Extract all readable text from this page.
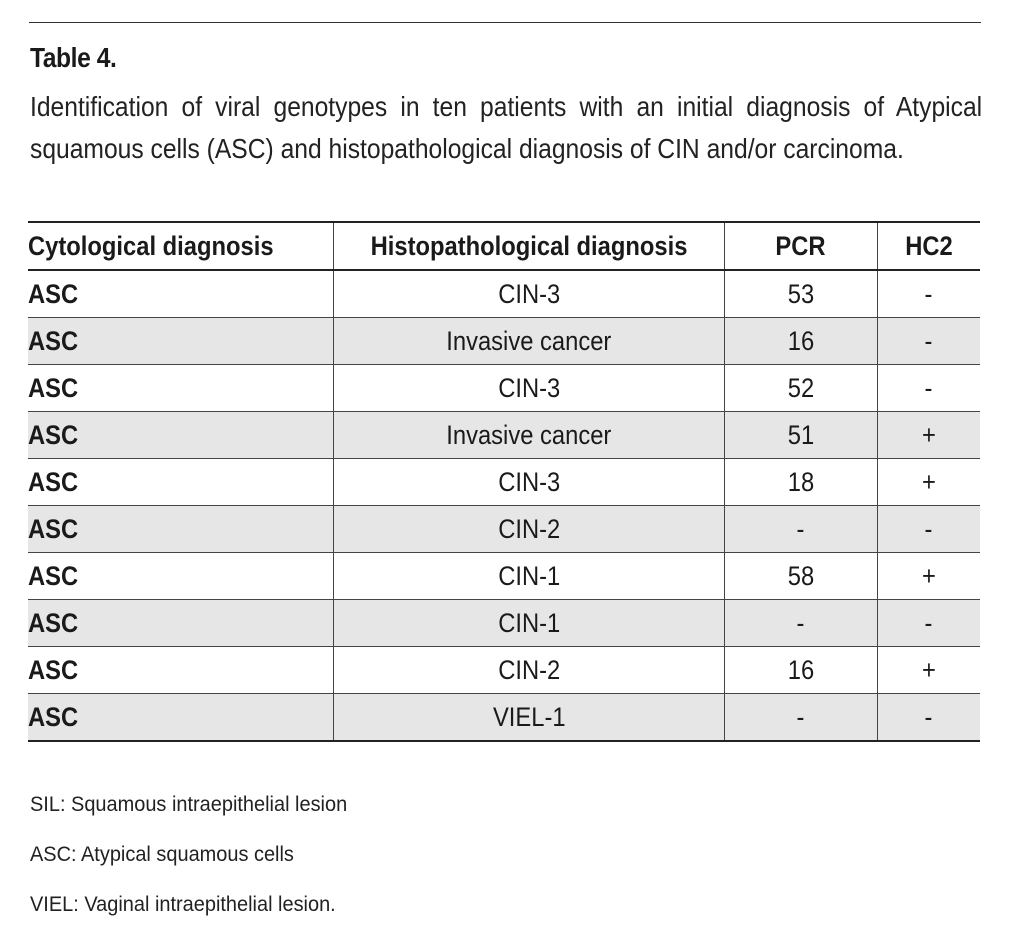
Table 4.

Identification of viral genotypes in ten patients with an initial diagnosis of Atypical
squamous cells (ASC) and histopathological diagnosis of CIN and/or carcinoma.

Cytological diagnosis	Histopathological diagnosis	PCR	HC2
ASC	CIN-3	53	-
ASC	Invasive cancer	16	-
ASC	CIN-3	52	-
ASC	Invasive cancer	51	+
ASC	CIN-3	18	+
ASC	CIN-2	-	-
ASC	CIN-1	58	+
ASC	CIN-1	-	-
ASC	CIN-2	16	+
ASC	VIEL-1	-	-
SIL: Squamous intraepithelial lesion
ASC: Atypical squamous cells
VIEL: Vaginal intraepithelial lesion.
